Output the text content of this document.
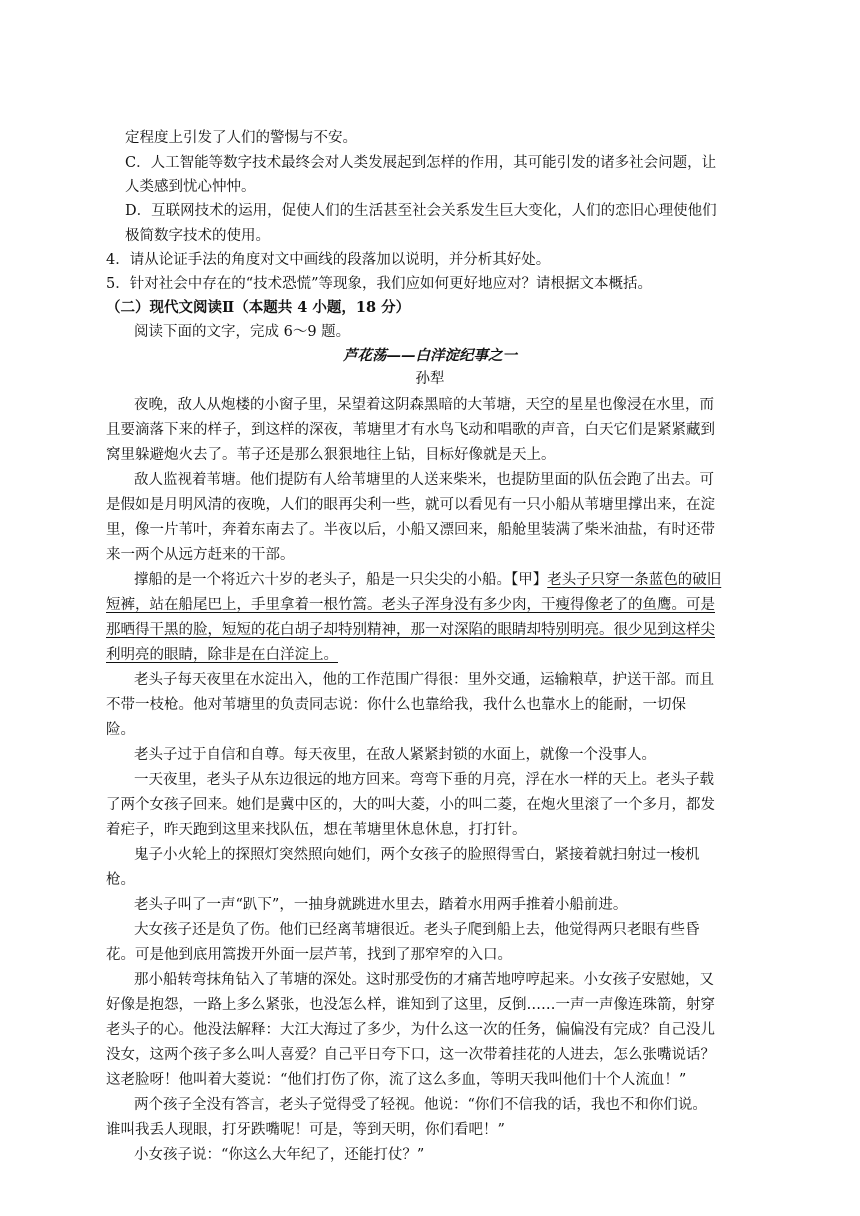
定程度上引发了人们的警惕与不安。
C．人工智能等数字技术最终会对人类发展起到怎样的作用，其可能引发的诸多社会问题，让
人类感到忧心忡忡。
D．互联网技术的运用，促使人们的生活甚至社会关系发生巨大变化，人们的恋旧心理使他们
极简数字技术的使用。
4．请从论证手法的角度对文中画线的段落加以说明，并分析其好处。
5．针对社会中存在的“技术恐慌”等现象，我们应如何更好地应对？请根据文本概括。
（二）现代文阅读Ⅱ（本题共 4 小题，18 分）
阅读下面的文字，完成 6～9 题。
芦花荡——白洋淀纪事之一
孙犁
夜晚，敌人从炮楼的小窗子里，呆望着这阴森黑暗的大苇塘，天空的星星也像浸在水里，而
且要滴落下来的样子，到这样的深夜，苇塘里才有水鸟飞动和唱歌的声音，白天它们是紧紧藏到
窝里躲避炮火去了。苇子还是那么狠狠地往上钻，目标好像就是天上。
敌人监视着苇塘。他们提防有人给苇塘里的人送来柴米，也提防里面的队伍会跑了出去。可
是假如是月明风清的夜晚，人们的眼再尖利一些，就可以看见有一只小船从苇塘里撑出来，在淀
里，像一片苇叶，奔着东南去了。半夜以后，小船又漂回来，船舱里装满了柴米油盐，有时还带
来一两个从远方赶来的干部。
撑船的是一个将近六十岁的老头子，船是一只尖尖的小船。【甲】老头子只穿一条蓝色的破旧
短裤，站在船尾巴上，手里拿着一根竹篙。老头子浑身没有多少肉，干瘦得像老了的鱼鹰。可是
那晒得干黑的脸，短短的花白胡子却特别精神，那一对深陷的眼睛却特别明亮。很少见到这样尖
利明亮的眼睛，除非是在白洋淀上。
老头子每天夜里在水淀出入，他的工作范围广得很：里外交通，运输粮草，护送干部。而且
不带一枝枪。他对苇塘里的负责同志说：你什么也靠给我，我什么也靠水上的能耐，一切保
险。
老头子过于自信和自尊。每天夜里，在敌人紧紧封锁的水面上，就像一个没事人。
一天夜里，老头子从东边很远的地方回来。弯弯下垂的月亮，浮在水一样的天上。老头子载
了两个女孩子回来。她们是冀中区的，大的叫大菱，小的叫二菱，在炮火里滚了一个多月，都发
着疟子，昨天跑到这里来找队伍，想在苇塘里休息休息，打打针。
鬼子小火轮上的探照灯突然照向她们，两个女孩子的脸照得雪白，紧接着就扫射过一梭机
枪。
老头子叫了一声“趴下”，一抽身就跳进水里去，踏着水用两手推着小船前进。
大女孩子还是负了伤。他们已经离苇塘很近。老头子爬到船上去，他觉得两只老眼有些昏
花。可是他到底用篙拨开外面一层芦苇，找到了那窄窄的入口。
那小船转弯抹角钻入了苇塘的深处。这时那受伤的才痛苦地哼哼起来。小女孩子安慰她，又
好像是抱怨，一路上多么紧张，也没怎么样，谁知到了这里，反倒……一声一声像连珠箭，射穿
老头子的心。他没法解释：大江大海过了多少，为什么这一次的任务，偏偏没有完成？自己没儿
没女，这两个孩子多么叫人喜爱？自己平日夸下口，这一次带着挂花的人进去，怎么张嘴说话？
这老脸呀！他叫着大菱说：“他们打伤了你，流了这么多血，等明天我叫他们十个人流血！”
两个孩子全没有答言，老头子觉得受了轻视。他说：“你们不信我的话，我也不和你们说。
谁叫我丢人现眼，打牙跌嘴呢！可是，等到天明，你们看吧！”
小女孩子说：“你这么大年纪了，还能打仗？”
